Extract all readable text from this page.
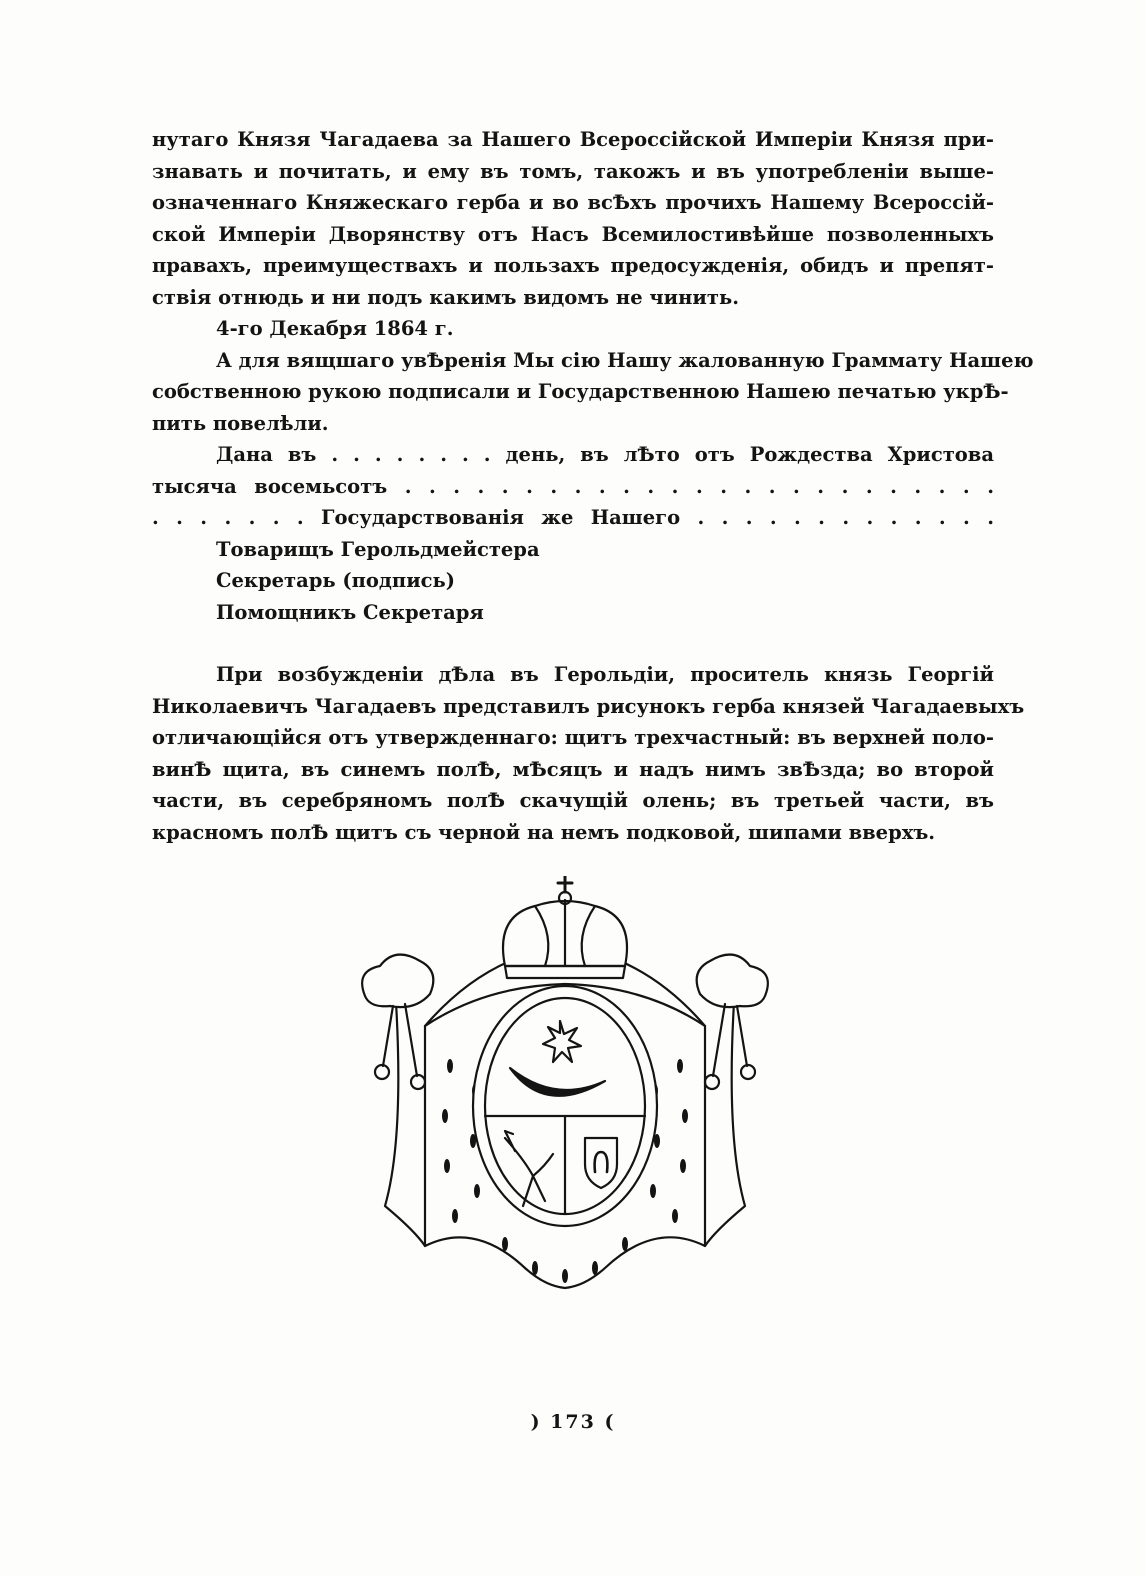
нутаго Князя Чагадаева за Нашего Всероссійской Имперіи Князя при-
знавать и почитать, и ему въ томъ, такожъ и въ употребленіи выше-
означеннаго Княжескаго герба и во всѢхъ прочихъ Нашему Всероссій-
ской Имперіи Дворянству отъ Насъ Всемилостивѣйше позволенныхъ
правахъ, преимуществахъ и пользахъ предосужденія, обидъ и препят-
ствія отнюдь и ни подъ какимъ видомъ не чинить.
4-го Декабря 1864 г.
А для вящшаго увѢренія Мы сію Нашу жалованную Граммату Нашею
собственною рукою подписали и Государственною Нашею печатью укрѢ-
пить повелѣли.
Дана въ . . . . . . . . день, въ лѢто отъ Рождества Христова
тысяча восемьсотъ . . . . . . . . . . . . . . . . . . . . . . . . .
. . . . . . . Государствованія же Нашего . . . . . . . . . . . . .
Товарищъ Герольдмейстера
Секретарь (подпись)
Помощникъ Секретаря
При возбужденіи дѢла въ Герольдіи, проситель князь Георгій
Николаевичъ Чагадаевъ представилъ рисунокъ герба князей Чагадаевыхъ
отличающійся отъ утвержденнаго: щитъ трехчастный: въ верхней поло-
винѢ щита, въ синемъ полѢ, мѢсяцъ и надъ нимъ звѢзда; во второй
части, въ серебряномъ полѢ скачущій олень; въ третьей части, въ
красномъ полѢ щитъ съ черной на немъ подковой, шипами вверхъ.
) 173 (
